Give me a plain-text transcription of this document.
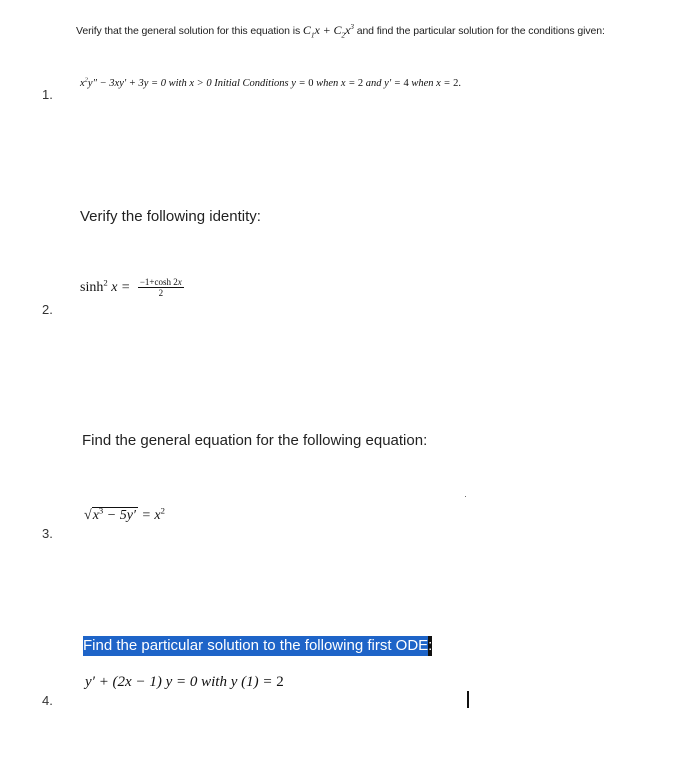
Verify that the general solution for this equation is $C_1x + C_2x^3$ and find the particular solution for the conditions given:
$x^2y'' - 3xy' + 3y = 0$ with x > 0 Initial Conditions y = 0 when x = 2 and y′ = 4 when x = 2.
1.
Verify the following identity:
$\sinh^2 x = \frac{-1+\cosh 2x}{2}$
2.
Find the general equation for the following equation:
$√x^3 - 5y' = x^2$
3.
Find the particular solution to the following first ODE:
y′ + (2x − 1) y = 0 with y (1) = 2
4.
